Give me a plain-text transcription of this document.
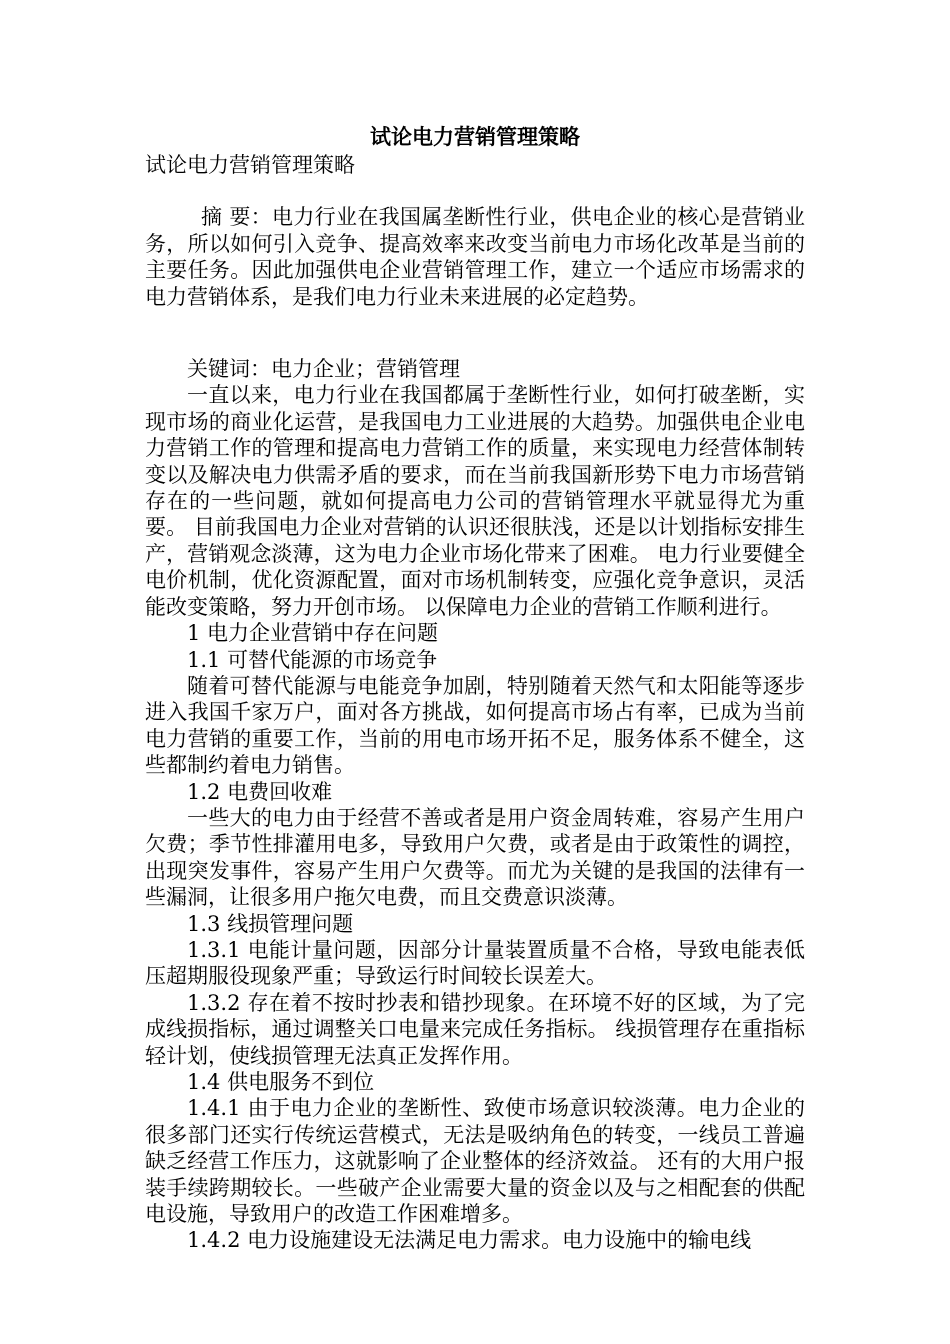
试论电力营销管理策略

试论电力营销管理策略

摘 要：电力行业在我国属垄断性行业，供电企业的核心是营销业务，所以如何引入竞争、提高效率来改变当前电力市场化改革是当前的主要任务。因此加强供电企业营销管理工作，建立一个适应市场需求的电力营销体系，是我们电力行业未来进展的必定趋势。

关键词：电力企业；营销管理

一直以来，电力行业在我国都属于垄断性行业，如何打破垄断，实现市场的商业化运营，是我国电力工业进展的大趋势。加强供电企业电力营销工作的管理和提高电力营销工作的质量，来实现电力经营体制转变以及解决电力供需矛盾的要求，而在当前我国新形势下电力市场营销存在的一些问题，就如何提高电力公司的营销管理水平就显得尤为重要。 目前我国电力企业对营销的认识还很肤浅，还是以计划指标安排生产，营销观念淡薄，这为电力企业市场化带来了困难。 电力行业要健全电价机制，优化资源配置，面对市场机制转变，应强化竞争意识，灵活能改变策略，努力开创市场。 以保障电力企业的营销工作顺利进行。

1 电力企业营销中存在问题

1.1 可替代能源的市场竞争

随着可替代能源与电能竞争加剧，特别随着天然气和太阳能等逐步进入我国千家万户，面对各方挑战，如何提高市场占有率，已成为当前电力营销的重要工作，当前的用电市场开拓不足，服务体系不健全，这些都制约着电力销售。

1.2 电费回收难

一些大的电力由于经营不善或者是用户资金周转难，容易产生用户欠费；季节性排灌用电多，导致用户欠费，或者是由于政策性的调控，出现突发事件，容易产生用户欠费等。而尤为关键的是我国的法律有一些漏洞，让很多用户拖欠电费，而且交费意识淡薄。

1.3 线损管理问题

1.3.1 电能计量问题，因部分计量装置质量不合格，导致电能表低压超期服役现象严重；导致运行时间较长误差大。

1.3.2 存在着不按时抄表和错抄现象。在环境不好的区域，为了完成线损指标，通过调整关口电量来完成任务指标。 线损管理存在重指标轻计划，使线损管理无法真正发挥作用。

1.4 供电服务不到位

1.4.1 由于电力企业的垄断性、致使市场意识较淡薄。电力企业的很多部门还实行传统运营模式，无法是吸纳角色的转变，一线员工普遍缺乏经营工作压力，这就影响了企业整体的经济效益。 还有的大用户报装手续跨期较长。一些破产企业需要大量的资金以及与之相配套的供配电设施，导致用户的改造工作困难增多。

1.4.2 电力设施建设无法满足电力需求。电力设施中的输电线
